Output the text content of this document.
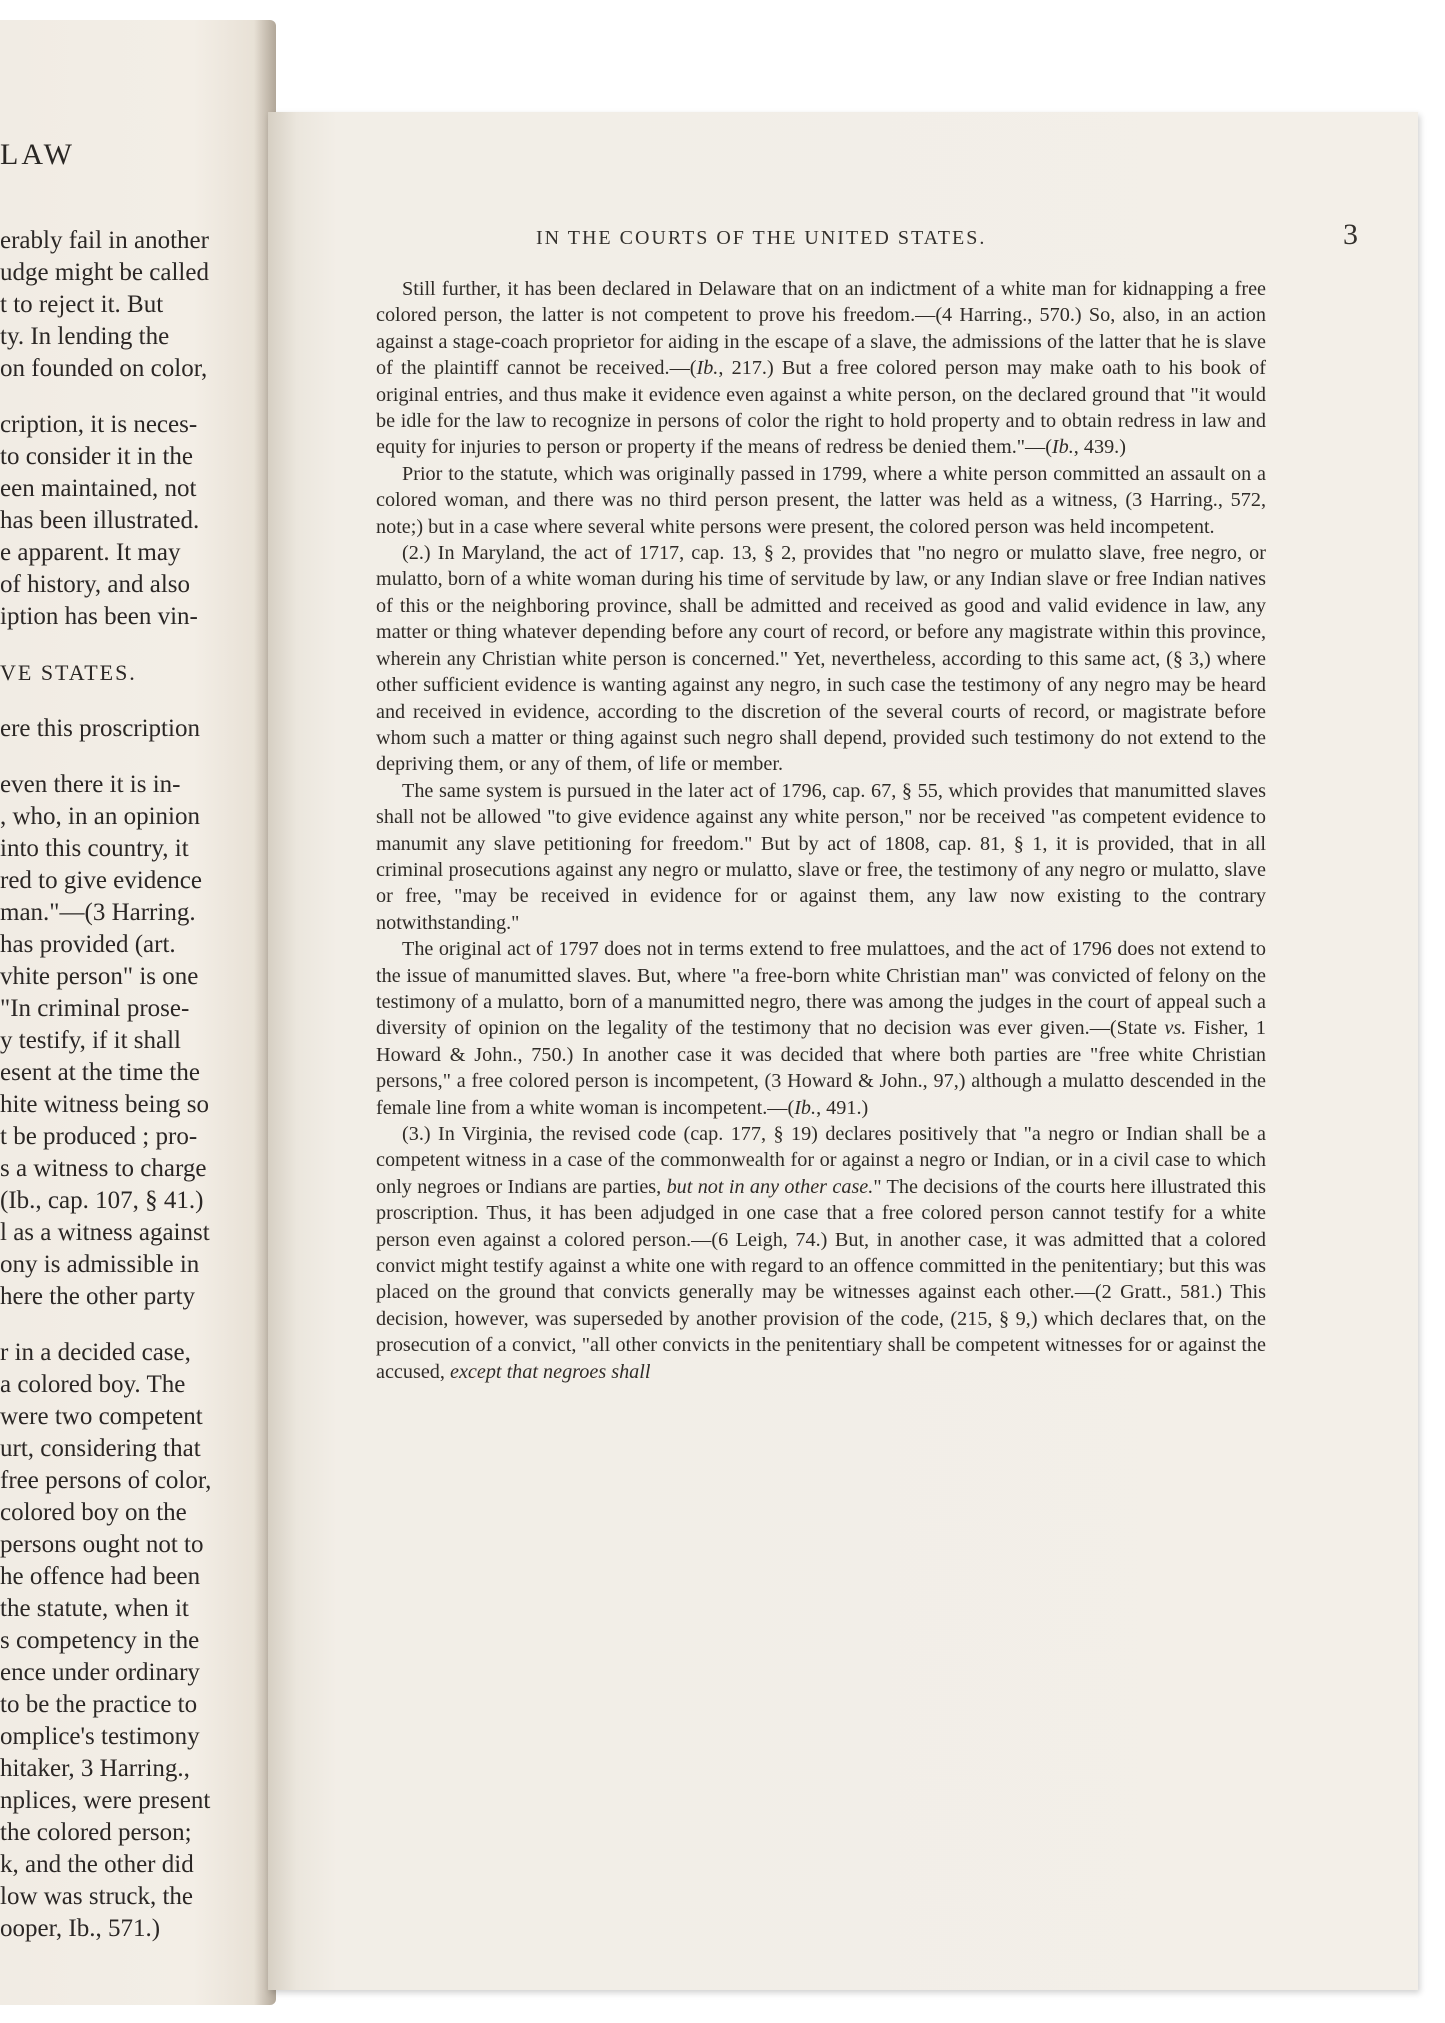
LAW
erably fail in another
udge might be called
t to reject it. But
ty. In lending the
on founded on color,
cription, it is neces-
to consider it in the
een maintained, not
has been illustrated.
e apparent. It may
of history, and also
iption has been vin-
VE STATES.
ere this proscription
even there it is in-
, who, in an opinion
into this country, it
red to give evidence
man."—(3 Harring.
has provided (art.
vhite person" is one
"In criminal prose-
y testify, if it shall
esent at the time the
hite witness being so
t be produced ; pro-
s a witness to charge
(Ib., cap. 107, § 41.)
l as a witness against
ony is admissible in
here the other party
r in a decided case,
a colored boy. The
were two competent
urt, considering that
free persons of color,
colored boy on the
persons ought not to
he offence had been
the statute, when it
s competency in the
ence under ordinary
to be the practice to
omplice's testimony
hitaker, 3 Harring.,
nplices, were present
the colored person;
k, and the other did
low was struck, the
ooper, Ib., 571.)
IN THE COURTS OF THE UNITED STATES.	3

Still further, it has been declared in Delaware that on an indictment of a white man for kidnapping a free colored person, the latter is not competent to prove his freedom.—(4 Harring., 570.) So, also, in an action against a stage-coach proprietor for aiding in the escape of a slave, the admissions of the latter that he is slave of the plaintiff cannot be received.—(Ib., 217.) But a free colored person may make oath to his book of original entries, and thus make it evidence even against a white person, on the declared ground that "it would be idle for the law to recognize in persons of color the right to hold property and to obtain redress in law and equity for injuries to person or property if the means of redress be denied them."—(Ib., 439.)

Prior to the statute, which was originally passed in 1799, where a white person committed an assault on a colored woman, and there was no third person present, the latter was held as a witness, (3 Harring., 572, note;) but in a case where several white persons were present, the colored person was held incompetent.

(2.) In Maryland, the act of 1717, cap. 13, § 2, provides that "no negro or mulatto slave, free negro, or mulatto, born of a white woman during his time of servitude by law, or any Indian slave or free Indian natives of this or the neighboring province, shall be admitted and received as good and valid evidence in law, any matter or thing whatever depending before any court of record, or before any magistrate within this province, wherein any Christian white person is concerned." Yet, nevertheless, according to this same act, (§ 3,) where other sufficient evidence is wanting against any negro, in such case the testimony of any negro may be heard and received in evidence, according to the discretion of the several courts of record, or magistrate before whom such a matter or thing against such negro shall depend, provided such testimony do not extend to the depriving them, or any of them, of life or member.

The same system is pursued in the later act of 1796, cap. 67, § 55, which provides that manumitted slaves shall not be allowed "to give evidence against any white person," nor be received "as competent evidence to manumit any slave petitioning for freedom." But by act of 1808, cap. 81, § 1, it is provided, that in all criminal prosecutions against any negro or mulatto, slave or free, the testimony of any negro or mulatto, slave or free, "may be received in evidence for or against them, any law now existing to the contrary notwithstanding."

The original act of 1797 does not in terms extend to free mulattoes, and the act of 1796 does not extend to the issue of manumitted slaves. But, where "a free-born white Christian man" was convicted of felony on the testimony of a mulatto, born of a manumitted negro, there was among the judges in the court of appeal such a diversity of opinion on the legality of the testimony that no decision was ever given.—(State vs. Fisher, 1 Howard & John., 750.) In another case it was decided that where both parties are "free white Christian persons," a free colored person is incompetent, (3 Howard & John., 97,) although a mulatto descended in the female line from a white woman is incompetent.—(Ib., 491.)

(3.) In Virginia, the revised code (cap. 177, § 19) declares positively that "a negro or Indian shall be a competent witness in a case of the commonwealth for or against a negro or Indian, or in a civil case to which only negroes or Indians are parties, but not in any other case." The decisions of the courts here illustrated this proscription. Thus, it has been adjudged in one case that a free colored person cannot testify for a white person even against a colored person.—(6 Leigh, 74.) But, in another case, it was admitted that a colored convict might testify against a white one with regard to an offence committed in the penitentiary; but this was placed on the ground that convicts generally may be witnesses against each other.—(2 Gratt., 581.) This decision, however, was superseded by another provision of the code, (215, § 9,) which declares that, on the prosecution of a convict, "all other convicts in the penitentiary shall be competent witnesses for or against the accused, except that negroes shall
